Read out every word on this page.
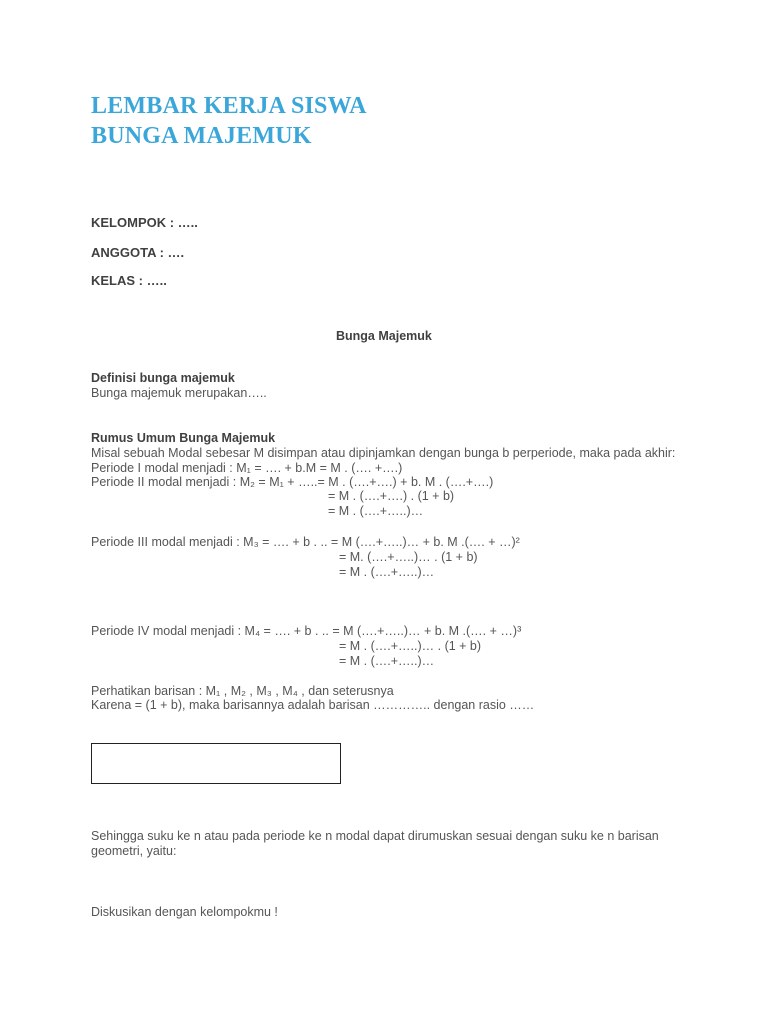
LEMBAR KERJA SISWA
BUNGA MAJEMUK
KELOMPOK : …..
ANGGOTA : ….
KELAS : …..
Bunga Majemuk
Definisi bunga majemuk
Bunga majemuk merupakan…..
Rumus Umum Bunga Majemuk
Misal sebuah Modal sebesar M disimpan atau dipinjamkan dengan bunga b perperiode, maka pada akhir:
Periode I modal menjadi : M₁ = …. + b.M = M . (…. +….)
Periode II modal menjadi : M₂ = M₁ + …..= M . (….+….) + b. M . (….+….)
= M . (….+….) . (1 + b)
= M . (….+…..)…
Periode III modal menjadi : M₃ = …. + b . .. = M (….+…..)… + b. M .(…. + …)²
= M. (….+…..)… . (1 + b)
= M . (….+…..)…
Periode IV modal menjadi : M₄ = …. + b . .. = M (….+…..)… + b. M .(…. + …)³
= M . (….+…..)… . (1 + b)
= M . (….+…..)…
Perhatikan barisan : M₁ , M₂ , M₃ , M₄ , dan seterusnya
Karena = (1 + b), maka barisannya adalah barisan ………….. dengan rasio ……
Sehingga suku ke n atau pada periode ke n modal dapat dirumuskan sesuai dengan suku ke n barisan
geometri, yaitu:
Diskusikan dengan kelompokmu !
